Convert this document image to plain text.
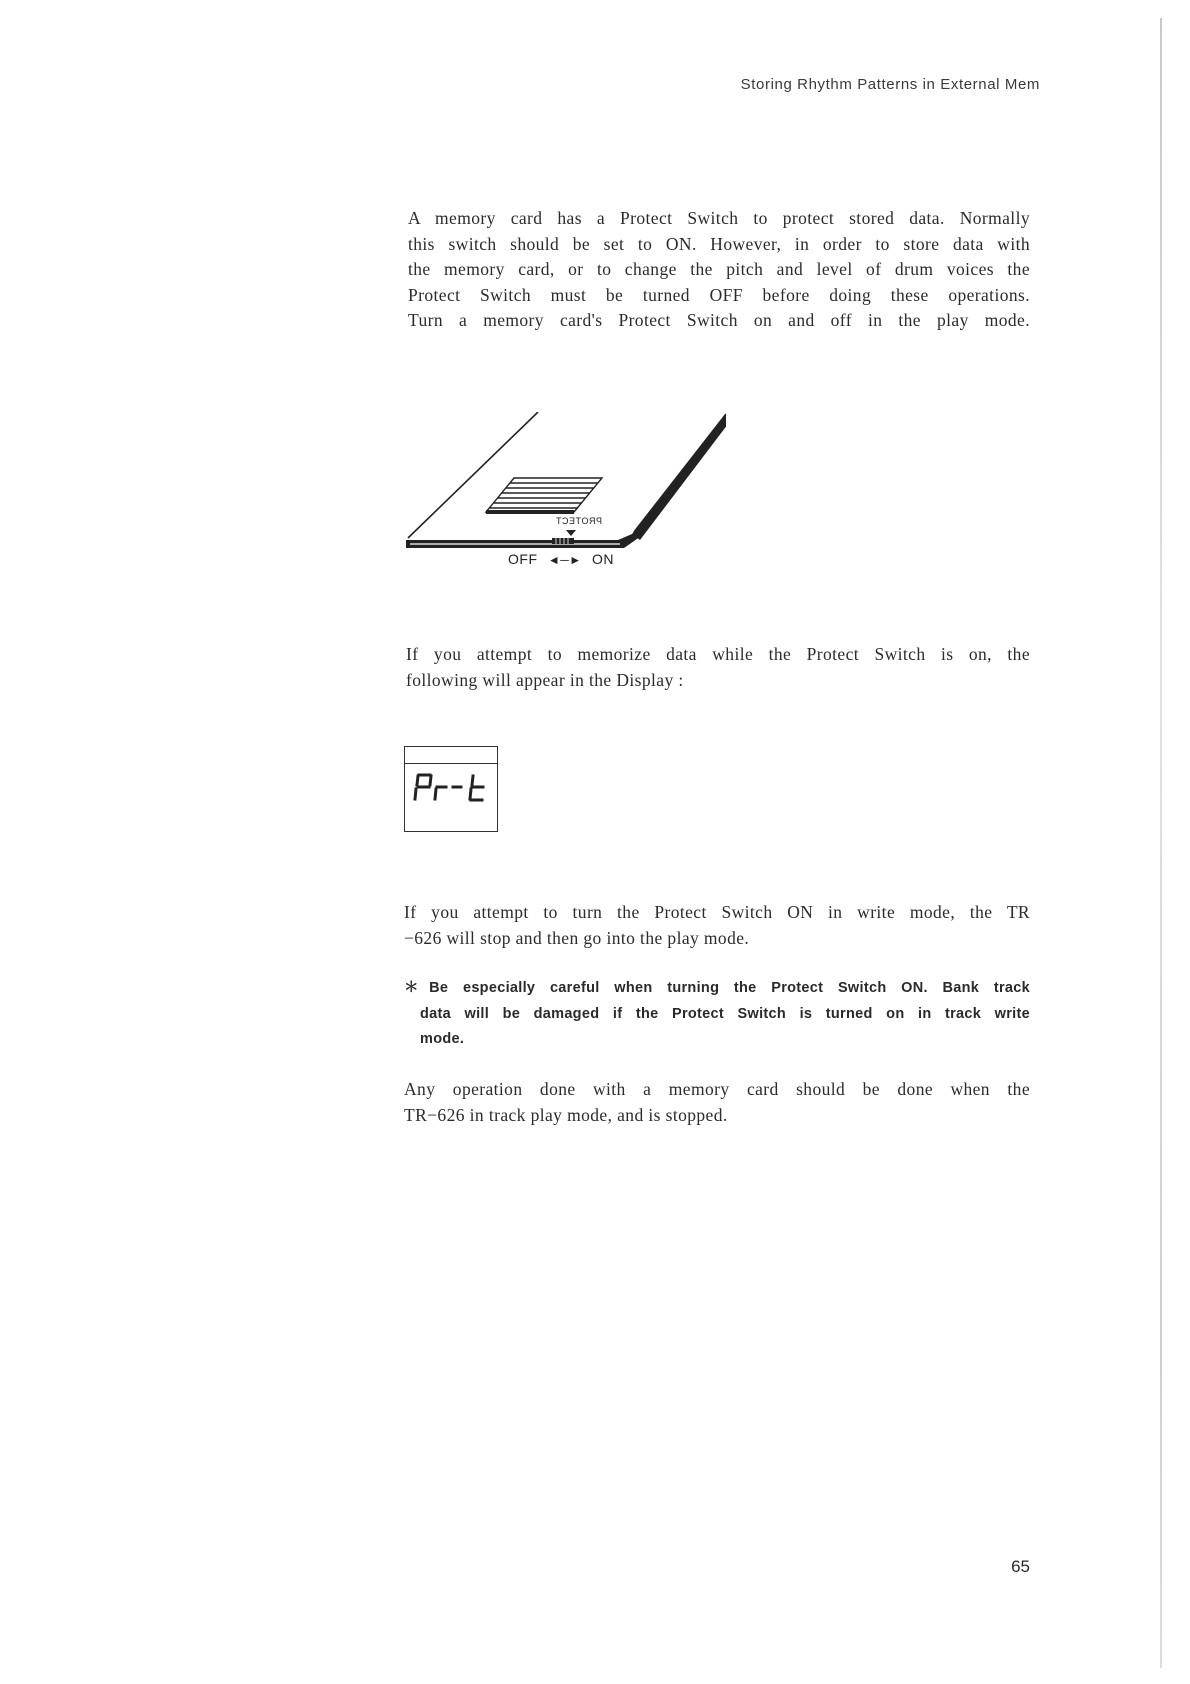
Storing Rhythm Patterns in External Mem
A memory card has a Protect Switch to protect stored data. Normally
this switch should be set to ON. However, in order to store data with
the memory card, or to change the pitch and level of drum voices the
Protect Switch must be turned OFF before doing these operations.
Turn a memory card's Protect Switch on and off in the play mode.
PROTECT
OFF ◄─► ON
If you attempt to memorize data while the Protect Switch is on, the
following will appear in the Display :
If you attempt to turn the Protect Switch ON in write mode, the TR
−626 will stop and then go into the play mode.
＊Be especially careful when turning the Protect Switch ON. Bank track
data will be damaged if the Protect Switch is turned on in track write
mode.
Any operation done with a memory card should be done when the
TR−626 in track play mode, and is stopped.
65
